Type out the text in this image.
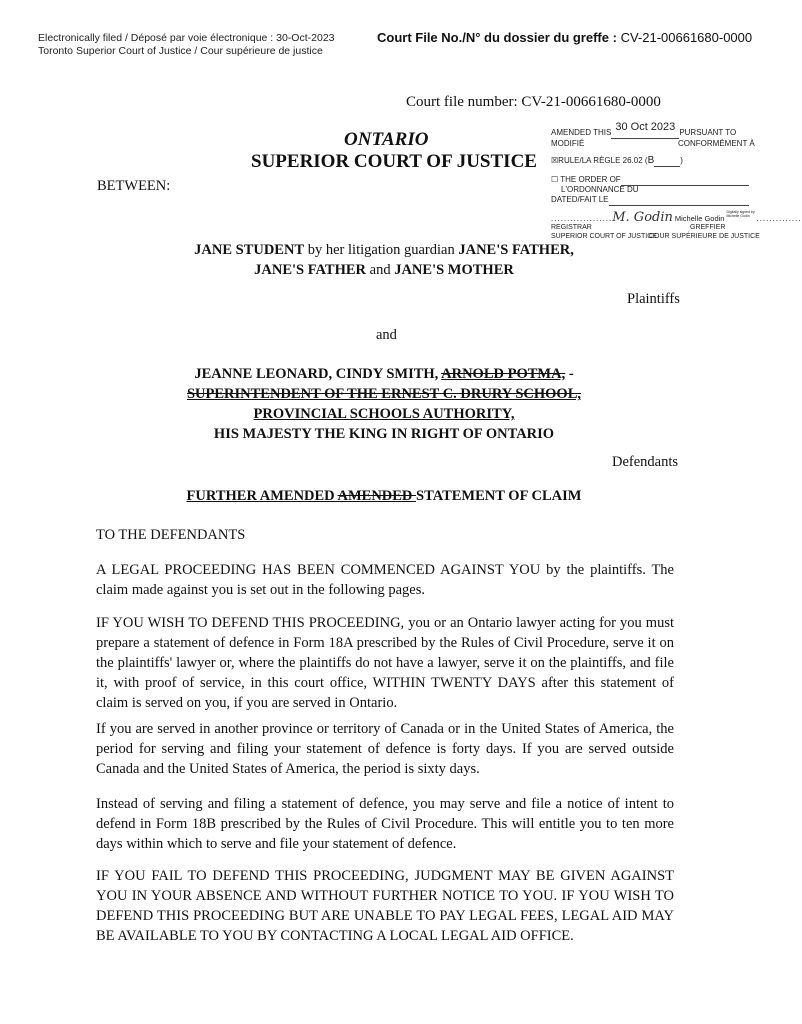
Electronically filed / Déposé par voie électronique : 30-Oct-2023
Toronto Superior Court of Justice / Cour supérieure de justice
Court File No./N° du dossier du greffe : CV-21-00661680-0000
Court file number: CV-21-00661680-0000
ONTARIO
SUPERIOR COURT OF JUSTICE
BETWEEN:
AMENDED THIS 30 Oct 2023 PURSUANT TO
MODIFIÉ	CONFORMÉMENT À
☒RULE/LA RÈGLE 26.02 (B	)
☐ THE ORDER OF
L'ORDONNANCE DU
DATED/FAIT LE
...................M. Godin Michelle GodinDigitally signed by Michelle Godin ..............
REGISTRAR	GREFFIER
SUPERIOR COURT OF JUSTICE
COUR SUPÉRIEURE DE JUSTICE
JANE STUDENT by her litigation guardian JANE'S FATHER,
JANE'S FATHER and JANE'S MOTHER
Plaintiffs
and
JEANNE LEONARD, CINDY SMITH, ARNOLD POTMA, -
SUPERINTENDENT OF THE ERNEST C. DRURY SCHOOL,
PROVINCIAL SCHOOLS AUTHORITY,
HIS MAJESTY THE KING IN RIGHT OF ONTARIO
Defendants
FURTHER AMENDED AMENDED STATEMENT OF CLAIM
TO THE DEFENDANTS
A LEGAL PROCEEDING HAS BEEN COMMENCED AGAINST YOU by the plaintiffs. The claim made against you is set out in the following pages.
IF YOU WISH TO DEFEND THIS PROCEEDING, you or an Ontario lawyer acting for you must prepare a statement of defence in Form 18A prescribed by the Rules of Civil Procedure, serve it on the plaintiffs' lawyer or, where the plaintiffs do not have a lawyer, serve it on the plaintiffs, and file it, with proof of service, in this court office, WITHIN TWENTY DAYS after this statement of claim is served on you, if you are served in Ontario.
If you are served in another province or territory of Canada or in the United States of America, the period for serving and filing your statement of defence is forty days. If you are served outside Canada and the United States of America, the period is sixty days.
Instead of serving and filing a statement of defence, you may serve and file a notice of intent to defend in Form 18B prescribed by the Rules of Civil Procedure. This will entitle you to ten more days within which to serve and file your statement of defence.
IF YOU FAIL TO DEFEND THIS PROCEEDING, JUDGMENT MAY BE GIVEN AGAINST YOU IN YOUR ABSENCE AND WITHOUT FURTHER NOTICE TO YOU. IF YOU WISH TO DEFEND THIS PROCEEDING BUT ARE UNABLE TO PAY LEGAL FEES, LEGAL AID MAY BE AVAILABLE TO YOU BY CONTACTING A LOCAL LEGAL AID OFFICE.
